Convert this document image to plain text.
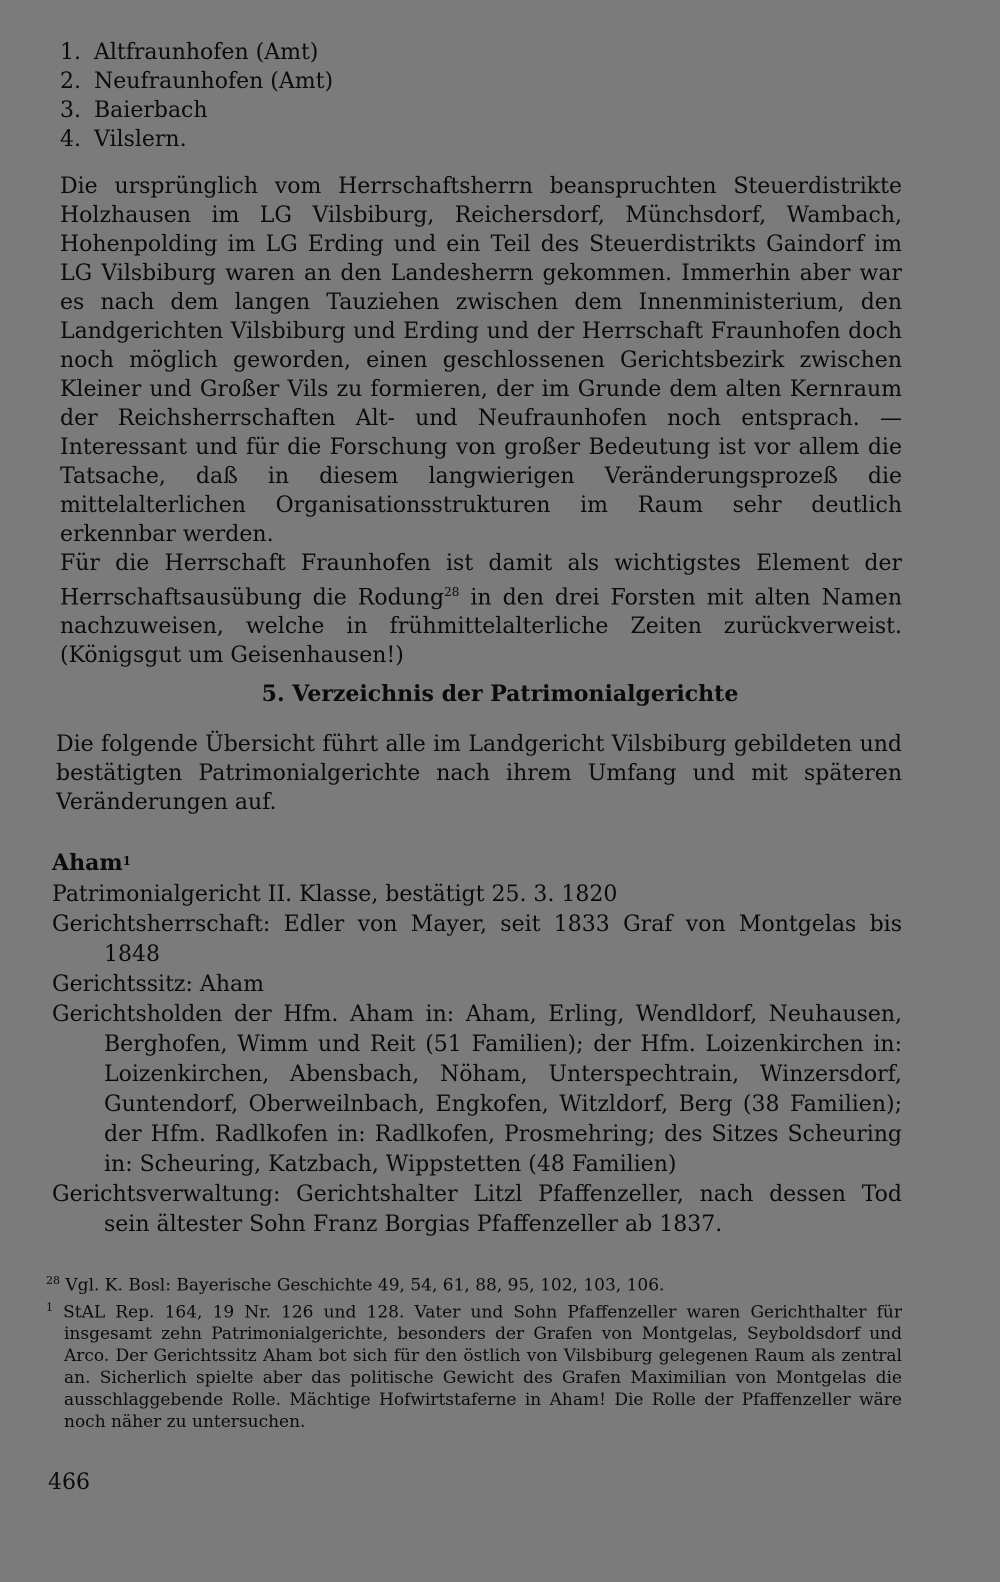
1. Altfraunhofen (Amt)
2. Neufraunhofen (Amt)
3. Baierbach
4. Vilslern.
Die ursprünglich vom Herrschaftsherrn beanspruchten Steuerdistrikte Holzhausen im LG Vilsbiburg, Reichersdorf, Münchsdorf, Wambach, Hohenpolding im LG Erding und ein Teil des Steuerdistrikts Gaindorf im LG Vilsbiburg waren an den Landesherrn gekommen. Immerhin aber war es nach dem langen Tauziehen zwischen dem Innenministerium, den Landgerichten Vilsbiburg und Erding und der Herrschaft Fraunhofen doch noch möglich geworden, einen geschlossenen Gerichtsbezirk zwischen Kleiner und Großer Vils zu formieren, der im Grunde dem alten Kernraum der Reichsherrschaften Alt- und Neufraunhofen noch entsprach. — Interessant und für die Forschung von großer Bedeutung ist vor allem die Tatsache, daß in diesem langwierigen Veränderungsprozeß die mittelalterlichen Organisationsstrukturen im Raum sehr deutlich erkennbar werden.
Für die Herrschaft Fraunhofen ist damit als wichtigstes Element der Herrschaftsausübung die Rodung$^{28}$ in den drei Forsten mit alten Namen nachzuweisen, welche in frühmittelalterliche Zeiten zurückverweist. (Königsgut um Geisenhausen!)
5. Verzeichnis der Patrimonialgerichte
Die folgende Übersicht führt alle im Landgericht Vilsbiburg gebildeten und bestätigten Patrimonialgerichte nach ihrem Umfang und mit späteren Veränderungen auf.
Aham$^1$
Patrimonialgericht II. Klasse, bestätigt 25. 3. 1820
Gerichtsherrschaft: Edler von Mayer, seit 1833 Graf von Montgelas bis 1848
Gerichtssitz: Aham
Gerichtsholden der Hfm. Aham in: Aham, Erling, Wendldorf, Neuhausen, Berghofen, Wimm und Reit (51 Familien); der Hfm. Loizenkirchen in: Loizenkirchen, Abensbach, Nöham, Unterspechtrain, Winzersdorf, Guntendorf, Oberweilnbach, Engkofen, Witzldorf, Berg (38 Familien); der Hfm. Radlkofen in: Radlkofen, Prosmehring; des Sitzes Scheuring in: Scheuring, Katzbach, Wippstetten (48 Familien)
Gerichtsverwaltung: Gerichtshalter Litzl Pfaffenzeller, nach dessen Tod sein ältester Sohn Franz Borgias Pfaffenzeller ab 1837.
$^{28}$ Vgl. K. Bosl: Bayerische Geschichte 49, 54, 61, 88, 95, 102, 103, 106.
$^1$ StAL Rep. 164, 19 Nr. 126 und 128. Vater und Sohn Pfaffenzeller waren Gerichthalter für insgesamt zehn Patrimonialgerichte, besonders der Grafen von Montgelas, Seyboldsdorf und Arco. Der Gerichtssitz Aham bot sich für den östlich von Vilsbiburg gelegenen Raum als zentral an. Sicherlich spielte aber das politische Gewicht des Grafen Maximilian von Montgelas die ausschlaggebende Rolle. Mächtige Hofwirtstaferne in Aham! Die Rolle der Pfaffenzeller wäre noch näher zu untersuchen.
466
